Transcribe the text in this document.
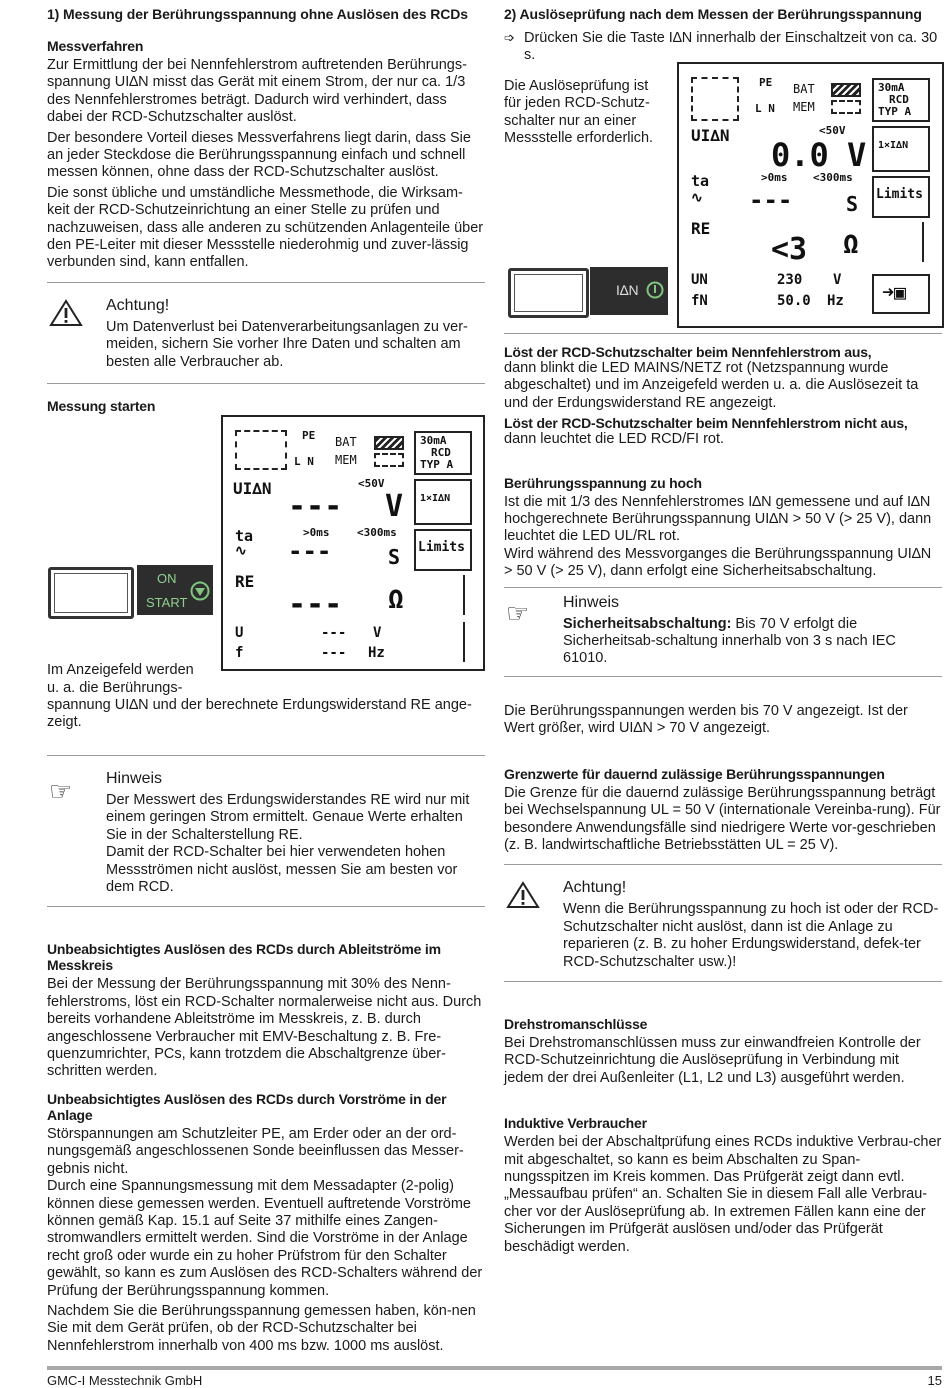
1) Messung der Berührungsspannung ohne Auslösen des RCDs
Messverfahren

Zur Ermittlung der bei Nennfehlerstrom auftretenden Berührungs-spannung UI∆N misst das Gerät mit einem Strom, der nur ca. 1/3 des Nennfehlerstromes beträgt. Dadurch wird verhindert, dass dabei der RCD-Schutzschalter auslöst.

Der besondere Vorteil dieses Messverfahrens liegt darin, dass Sie an jeder Steckdose die Berührungsspannung einfach und schnell messen können, ohne dass der RCD-Schutzschalter auslöst.

Die sonst übliche und umständliche Messmethode, die Wirksam-keit der RCD-Schutzeinrichtung an einer Stelle zu prüfen und nachzuweisen, dass alle anderen zu schützenden Anlagenteile über den PE-Leiter mit dieser Messstelle niederohmig und zuver-lässig verbunden sind, kann entfallen.

Achtung!

Um Datenverlust bei Datenverarbeitungsanlagen zu ver-meiden, sichern Sie vorher Ihre Daten und schalten am besten alle Verbraucher ab.

Messung starten
ON
START
PE
L N
BAT
MEM
30mA
RCD
TYP A
UI∆N	<50V
--- V 1×I∆N
ta	>0ms	<300ms
---	S
∿	Limits
RE
--- Ω
U	--- V
f	--- Hz
Im Anzeigefeld werden
u. a. die Berührungs-

spannung UI∆N und der berechnete Erdungswiderstand RE ange-zeigt.

☞ Hinweis

Der Messwert des Erdungswiderstandes RE wird nur mit einem geringen Strom ermittelt. Genaue Werte erhalten Sie in der Schalterstellung RE.

Damit der RCD-Schalter bei hier verwendeten hohen Messströmen nicht auslöst, messen Sie am besten vor dem RCD.

Unbeabsichtigtes Auslösen des RCDs durch Ableitströme im Messkreis

Bei der Messung der Berührungsspannung mit 30% des Nenn-fehlerstroms, löst ein RCD-Schalter normalerweise nicht aus. Durch bereits vorhandene Ableitströme im Messkreis, z. B. durch angeschlossene Verbraucher mit EMV-Beschaltung z. B. Fre-quenzumrichter, PCs, kann trotzdem die Abschaltgrenze über-schritten werden.

Unbeabsichtigtes Auslösen des RCDs durch Vorströme in der Anlage

Störspannungen am Schutzleiter PE, am Erder oder an der ord-nungsgemäß angeschlossenen Sonde beeinflussen das Messer-gebnis nicht.

Durch eine Spannungsmessung mit dem Messadapter (2-polig) können diese gemessen werden. Eventuell auftretende Vorströme können gemäß Kap. 15.1 auf Seite 37 mithilfe eines Zangen-stromwandlers ermittelt werden. Sind die Vorströme in der Anlage recht groß oder wurde ein zu hoher Prüfstrom für den Schalter gewählt, so kann es zum Auslösen des RCD-Schalters während der Prüfung der Berührungsspannung kommen.

Nachdem Sie die Berührungsspannung gemessen haben, kön-nen Sie mit dem Gerät prüfen, ob der RCD-Schutzschalter bei Nennfehlerstrom innerhalb von 400 ms bzw. 1000 ms auslöst.

2) Auslöseprüfung nach dem Messen der Berührungsspannung
➩ Drücken Sie die Taste I∆N innerhalb der Einschaltzeit von ca. 30 s.

Die Auslöseprüfung ist für jeden RCD-Schutz-schalter nur an einer Messstelle erforderlich.

I∆N
PE
L N
BAT
MEM
30mA
RCD
TYP A
UI∆N	<50V
0.0 V 1×I∆N
ta	>0ms <300ms
∿ ---	S Limits
RE
<3 Ω
UN	230 V
fN	50.0 Hz ➜▣
Löst der RCD-Schutzschalter beim Nennfehlerstrom aus,

dann blinkt die LED MAINS/NETZ rot (Netzspannung wurde abgeschaltet) und im Anzeigefeld werden u. a. die Auslösezeit ta und der Erdungswiderstand RE angezeigt.

Löst der RCD-Schutzschalter beim Nennfehlerstrom nicht aus,

dann leuchtet die LED RCD/FI rot.

Berührungsspannung zu hoch

Ist die mit 1/3 des Nennfehlerstromes I∆N gemessene und auf I∆N hochgerechnete Berührungsspannung UI∆N > 50 V (> 25 V), dann leuchtet die LED UL/RL rot.

Wird während des Messvorganges die Berührungsspannung UI∆N > 50 V (> 25 V), dann erfolgt eine Sicherheitsabschaltung.

☞ Hinweis

Sicherheitsabschaltung: Bis 70 V erfolgt die Sicherheitsab-schaltung innerhalb von 3 s nach IEC 61010.

Die Berührungsspannungen werden bis 70 V angezeigt. Ist der Wert größer, wird UI∆N > 70 V angezeigt.

Grenzwerte für dauernd zulässige Berührungsspannungen

Die Grenze für die dauernd zulässige Berührungsspannung beträgt bei Wechselspannung UL = 50 V (internationale Vereinba-rung). Für besondere Anwendungsfälle sind niedrigere Werte vor-geschrieben (z. B. landwirtschaftliche Betriebsstätten UL = 25 V).

Achtung!

Wenn die Berührungsspannung zu hoch ist oder der RCD-Schutzschalter nicht auslöst, dann ist die Anlage zu reparieren (z. B. zu hoher Erdungswiderstand, defek-ter RCD-Schutzschalter usw.)!

Drehstromanschlüsse

Bei Drehstromanschlüssen muss zur einwandfreien Kontrolle der RCD-Schutzeinrichtung die Auslöseprüfung in Verbindung mit jedem der drei Außenleiter (L1, L2 und L3) ausgeführt werden.

Induktive Verbraucher

Werden bei der Abschaltprüfung eines RCDs induktive Verbrau-cher mit abgeschaltet, so kann es beim Abschalten zu Span-nungsspitzen im Kreis kommen. Das Prüfgerät zeigt dann evtl. „Messaufbau prüfen“ an. Schalten Sie in diesem Fall alle Verbrau-cher vor der Auslöseprüfung ab. In extremen Fällen kann eine der Sicherungen im Prüfgerät auslösen und/oder das Prüfgerät beschädigt werden.

GMC-I Messtechnik GmbH	15
